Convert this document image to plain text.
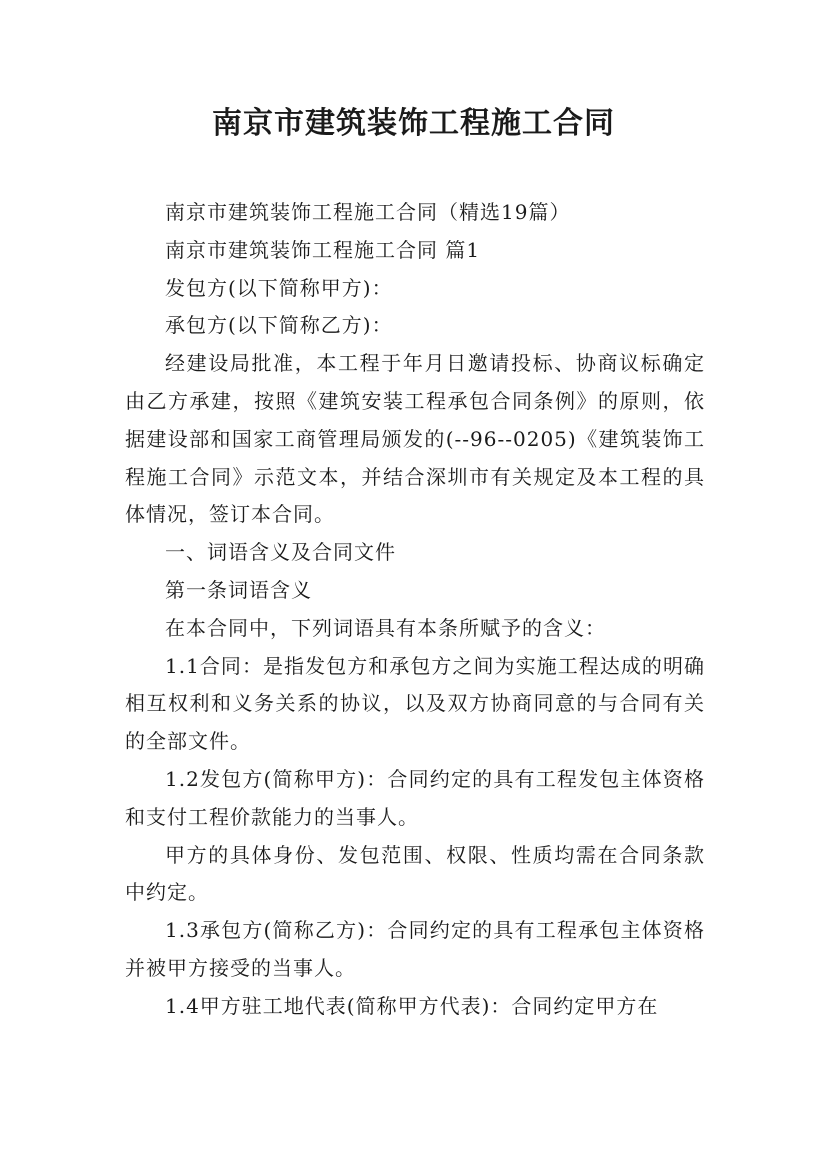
南京市建筑装饰工程施工合同

南京市建筑装饰工程施工合同（精选19篇）

南京市建筑装饰工程施工合同 篇1

发包方(以下简称甲方)：

承包方(以下简称乙方)：

经建设局批准，本工程于年月日邀请投标、协商议标确定由乙方承建，按照《建筑安装工程承包合同条例》的原则，依据建设部和国家工商管理局颁发的(--96--0205)《建筑装饰工程施工合同》示范文本，并结合深圳市有关规定及本工程的具体情况，签订本合同。

一、词语含义及合同文件

第一条词语含义

在本合同中，下列词语具有本条所赋予的含义：

1.1合同：是指发包方和承包方之间为实施工程达成的明确相互权利和义务关系的协议，以及双方协商同意的与合同有关的全部文件。

1.2发包方(简称甲方)：合同约定的具有工程发包主体资格和支付工程价款能力的当事人。

甲方的具体身份、发包范围、权限、性质均需在合同条款中约定。

1.3承包方(简称乙方)：合同约定的具有工程承包主体资格并被甲方接受的当事人。

1.4甲方驻工地代表(简称甲方代表)：合同约定甲方在
